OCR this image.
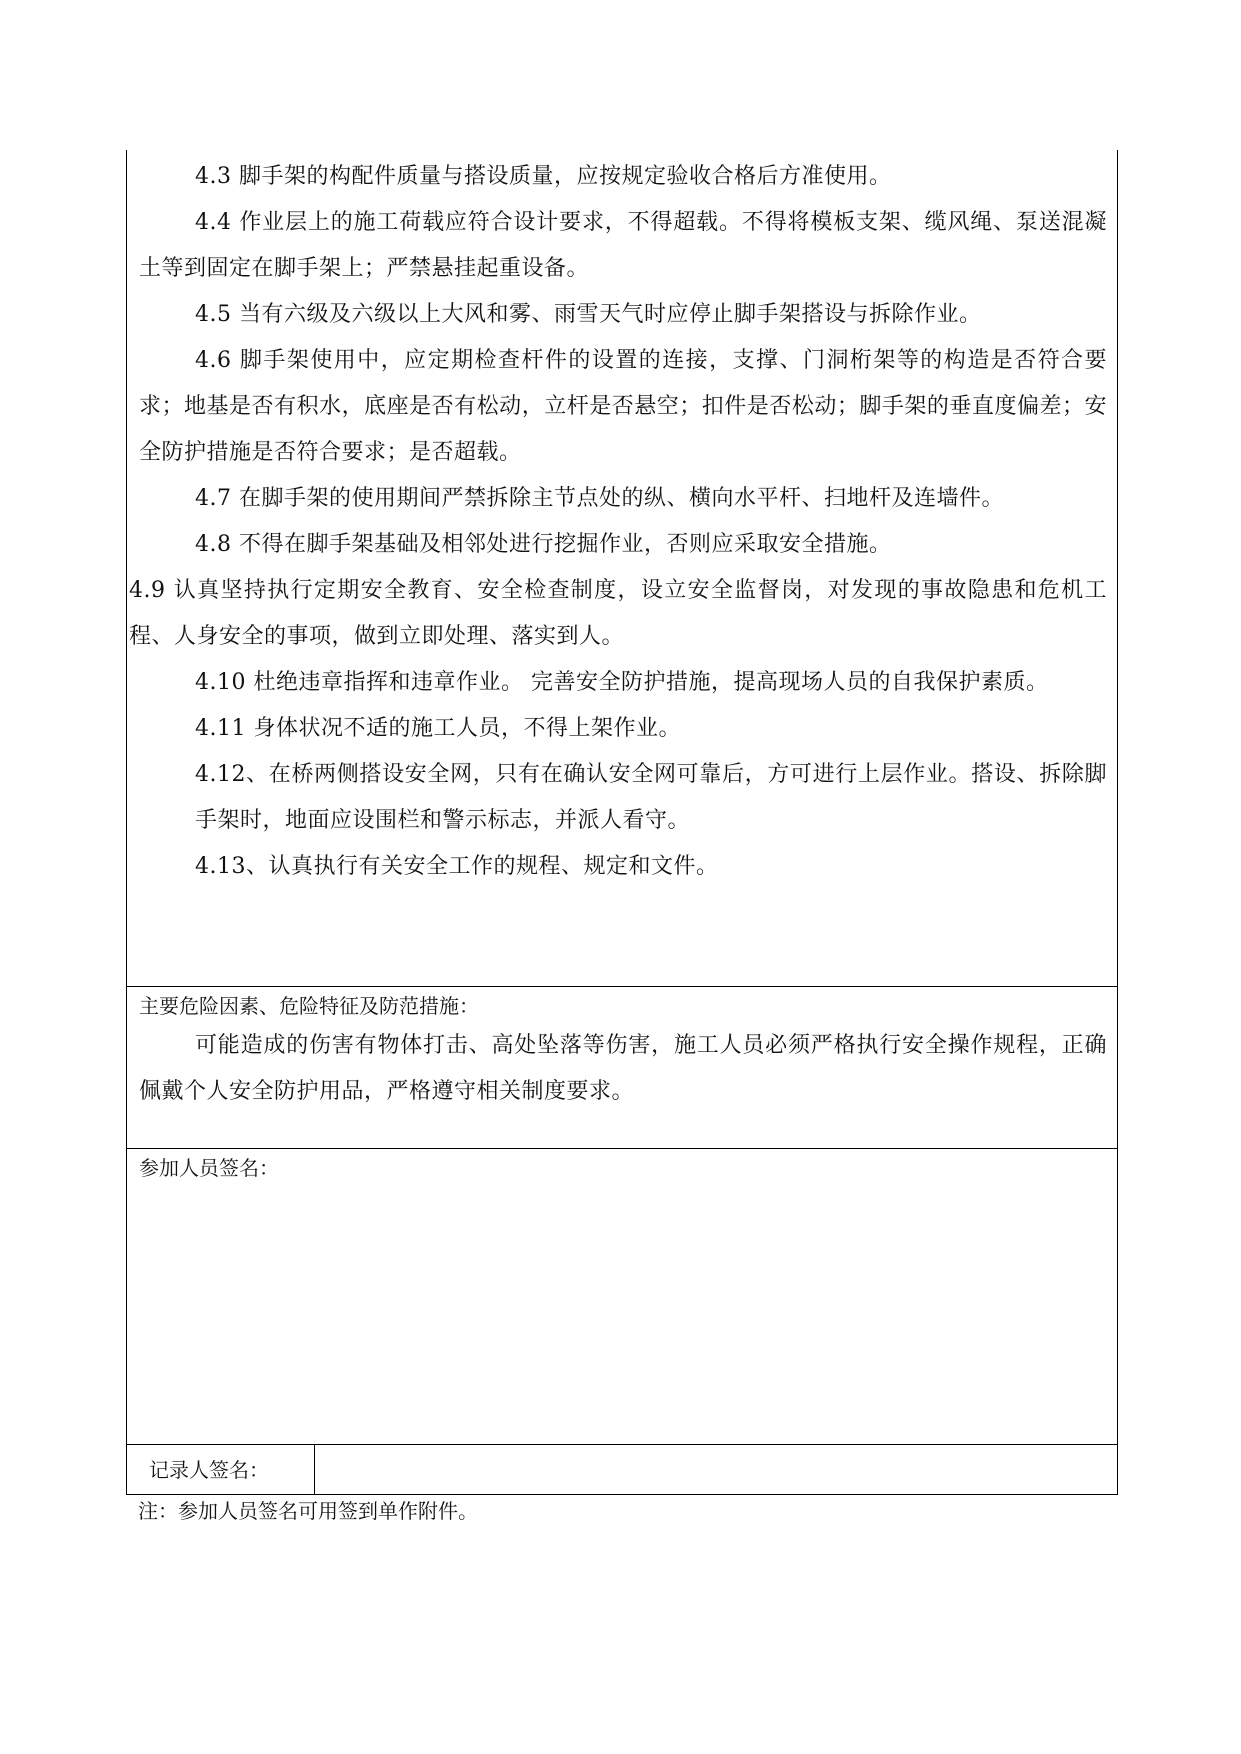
4.3 脚手架的构配件质量与搭设质量，应按规定验收合格后方准使用。

4.4 作业层上的施工荷载应符合设计要求，不得超载。不得将模板支架、缆风绳、泵送混凝土等到固定在脚手架上；严禁悬挂起重设备。

4.5 当有六级及六级以上大风和雾、雨雪天气时应停止脚手架搭设与拆除作业。

4.6 脚手架使用中，应定期检查杆件的设置的连接，支撑、门洞桁架等的构造是否符合要求；地基是否有积水，底座是否有松动，立杆是否悬空；扣件是否松动；脚手架的垂直度偏差；安全防护措施是否符合要求；是否超载。

4.7 在脚手架的使用期间严禁拆除主节点处的纵、横向水平杆、扫地杆及连墙件。

4.8 不得在脚手架基础及相邻处进行挖掘作业，否则应采取安全措施。

4.9 认真坚持执行定期安全教育、安全检查制度，设立安全监督岗，对发现的事故隐患和危机工程、人身安全的事项，做到立即处理、落实到人。

4.10 杜绝违章指挥和违章作业。 完善安全防护措施，提高现场人员的自我保护素质。

4.11 身体状况不适的施工人员，不得上架作业。

4.12、在桥两侧搭设安全网，只有在确认安全网可靠后，方可进行上层作业。搭设、拆除脚手架时，地面应设围栏和警示标志，并派人看守。

4.13、认真执行有关安全工作的规程、规定和文件。

主要危险因素、危险特征及防范措施：

可能造成的伤害有物体打击、高处坠落等伤害，施工人员必须严格执行安全操作规程，正确佩戴个人安全防护用品，严格遵守相关制度要求。

参加人员签名：

记录人签名：
注：参加人员签名可用签到单作附件。
